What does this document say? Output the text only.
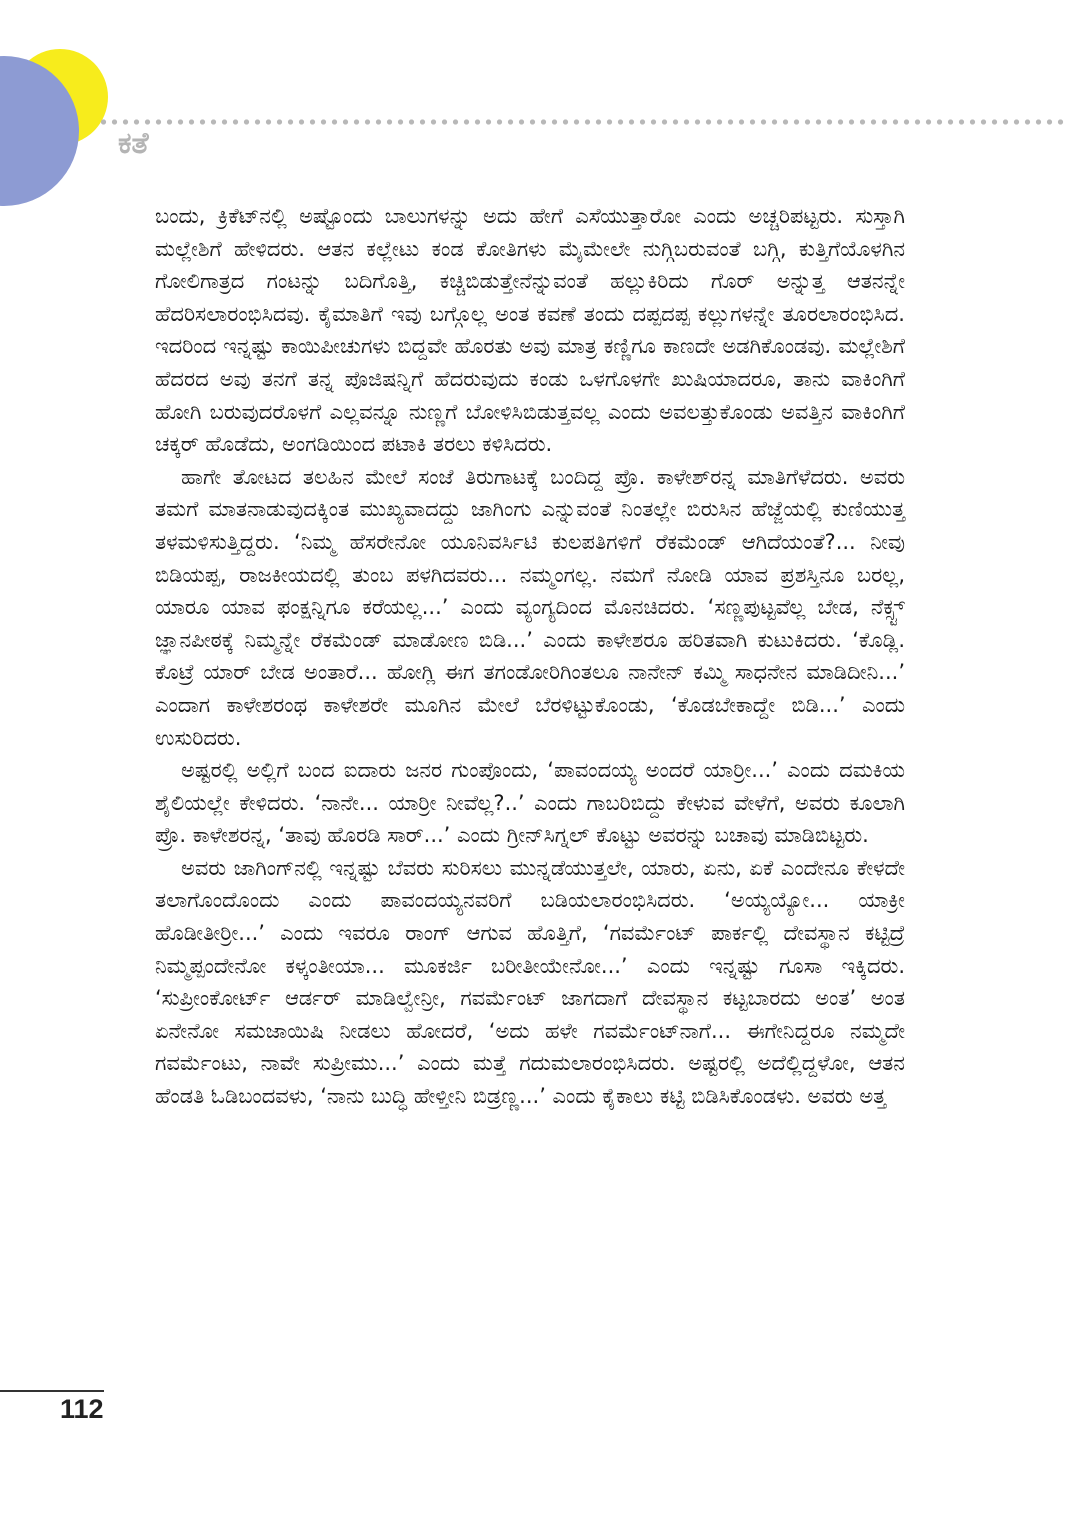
ಕತೆ

ಬಂದು, ಕ್ರಿಕೆಟ್‌ನಲ್ಲಿ ಅಷ್ಟೊಂದು ಬಾಲುಗಳನ್ನು ಅದು ಹೇಗೆ ಎಸೆಯುತ್ತಾರೋ ಎಂದು ಅಚ್ಚರಿಪಟ್ಟರು. ಸುಸ್ತಾಗಿ ಮಲ್ಲೇಶಿಗೆ ಹೇಳಿದರು. ಆತನ ಕಲ್ಲೇಟು ಕಂಡ ಕೋತಿಗಳು ಮೈಮೇಲೇ ನುಗ್ಗಿಬರುವಂತೆ ಬಗ್ಗಿ, ಕುತ್ತಿಗೆಯೊಳಗಿನ ಗೋಲಿಗಾತ್ರದ ಗಂಟನ್ನು ಬದಿಗೊತ್ತಿ, ಕಚ್ಚಿಬಿಡುತ್ತೇನೆನ್ನುವಂತೆ ಹಲ್ಲುಕಿರಿದು ಗೊರ್ ಅನ್ನುತ್ತ ಆತನನ್ನೇ ಹೆದರಿಸಲಾರಂಭಿಸಿದವು. ಕೈಮಾತಿಗೆ ಇವು ಬಗ್ಗೊಲ್ಲ ಅಂತ ಕವಣೆ ತಂದು ದಪ್ಪದಪ್ಪ ಕಲ್ಲುಗಳನ್ನೇ ತೂರಲಾರಂಭಿಸಿದ. ಇದರಿಂದ ಇನ್ನಷ್ಟು ಕಾಯಿಪೀಚುಗಳು ಬಿದ್ದವೇ ಹೊರತು ಅವು ಮಾತ್ರ ಕಣ್ಣಿಗೂ ಕಾಣದೇ ಅಡಗಿಕೊಂಡವು. ಮಲ್ಲೇಶಿಗೆ ಹೆದರದ ಅವು ತನಗೆ ತನ್ನ ಪೊಜಿಷನ್ನಿಗೆ ಹೆದರುವುದು ಕಂಡು ಒಳಗೊಳಗೇ ಖುಷಿಯಾದರೂ, ತಾನು ವಾಕಿಂಗಿಗೆ ಹೋಗಿ ಬರುವುದರೊಳಗೆ ಎಲ್ಲವನ್ನೂ ನುಣ್ಣಗೆ ಬೋಳಿಸಿಬಿಡುತ್ತವಲ್ಲ ಎಂದು ಅವಲತ್ತುಕೊಂಡು ಅವತ್ತಿನ ವಾಕಿಂಗಿಗೆ ಚಕ್ಕರ್ ಹೊಡೆದು, ಅಂಗಡಿಯಿಂದ ಪಟಾಕಿ ತರಲು ಕಳಿಸಿದರು.

ಹಾಗೇ ತೋಟದ ತಲಹಿನ ಮೇಲೆ ಸಂಜೆ ತಿರುಗಾಟಕ್ಕೆ ಬಂದಿದ್ದ ಪ್ರೊ. ಕಾಳೇಶ್‌ರನ್ನ ಮಾತಿಗೆಳೆದರು. ಅವರು ತಮಗೆ ಮಾತನಾಡುವುದಕ್ಕಿಂತ ಮುಖ್ಯವಾದದ್ದು ಜಾಗಿಂಗು ಎನ್ನುವಂತೆ ನಿಂತಲ್ಲೇ ಬಿರುಸಿನ ಹೆಜ್ಜೆಯಲ್ಲಿ ಕುಣಿಯುತ್ತ ತಳಮಳಿಸುತ್ತಿದ್ದರು. ‘ನಿಮ್ಮ ಹೆಸರೇನೋ ಯೂನಿವರ್ಸಿಟಿ ಕುಲಪತಿಗಳಿಗೆ ರೆಕಮೆಂಡ್ ಆಗಿದೆಯಂತೆ?... ನೀವು ಬಿಡಿಯಪ್ಪ, ರಾಜಕೀಯದಲ್ಲಿ ತುಂಬ ಪಳಗಿದವರು... ನಮ್ಮಂಗಲ್ಲ. ನಮಗೆ ನೋಡಿ ಯಾವ ಪ್ರಶಸ್ತಿನೂ ಬರಲ್ಲ, ಯಾರೂ ಯಾವ ಫಂಕ್ಷನ್ನಿಗೂ ಕರೆಯಲ್ಲ...’ ಎಂದು ವ್ಯಂಗ್ಯದಿಂದ ಮೊನಚಿದರು. ‘ಸಣ್ಣಪುಟ್ಟವೆಲ್ಲ ಬೇಡ, ನೆಕ್ಸ್ಟ್ ಜ್ಞಾನಪೀಠಕ್ಕೆ ನಿಮ್ಮನ್ನೇ ರೆಕಮೆಂಡ್ ಮಾಡೋಣ ಬಿಡಿ...’ ಎಂದು ಕಾಳೇಶರೂ ಹರಿತವಾಗಿ ಕುಟುಕಿದರು. ‘ಕೊಡ್ಲಿ. ಕೊಟ್ರೆ ಯಾರ್ ಬೇಡ ಅಂತಾರೆ... ಹೋಗ್ಲಿ ಈಗ ತಗಂಡೋರಿಗಿಂತಲೂ ನಾನೇನ್ ಕಮ್ಮಿ ಸಾಧನೇನ ಮಾಡಿದೀನಿ...’ ಎಂದಾಗ ಕಾಳೇಶರಂಥ ಕಾಳೇಶರೇ ಮೂಗಿನ ಮೇಲೆ ಬೆರಳಿಟ್ಟುಕೊಂಡು, ‘ಕೊಡಬೇಕಾದ್ದೇ ಬಿಡಿ...’ ಎಂದು ಉಸುರಿದರು.

ಅಷ್ಟರಲ್ಲಿ ಅಲ್ಲಿಗೆ ಬಂದ ಐದಾರು ಜನರ ಗುಂಪೊಂದು, ‘ಪಾವಂದಯ್ಯ ಅಂದರೆ ಯಾರ್‍ರೀ...’ ಎಂದು ದಮಕಿಯ ಶೈಲಿಯಲ್ಲೇ ಕೇಳಿದರು. ‘ನಾನೇ... ಯಾರ್‍ರೀ ನೀವೆಲ್ಲ?..’ ಎಂದು ಗಾಬರಿಬಿದ್ದು ಕೇಳುವ ವೇಳೆಗೆ, ಅವರು ಕೂಲಾಗಿ ಪ್ರೊ. ಕಾಳೇಶರನ್ನ, ‘ತಾವು ಹೊರಡಿ ಸಾರ್...’ ಎಂದು ಗ್ರೀನ್‌ಸಿಗ್ನಲ್ ಕೊಟ್ಟು ಅವರನ್ನು ಬಚಾವು ಮಾಡಿಬಿಟ್ಟರು.

ಅವರು ಜಾಗಿಂಗ್‌ನಲ್ಲಿ ಇನ್ನಷ್ಟು ಬೆವರು ಸುರಿಸಲು ಮುನ್ನಡೆಯುತ್ತಲೇ, ಯಾರು, ಏನು, ಏಕೆ ಎಂದೇನೂ ಕೇಳದೇ ತಲಾಗೊಂದೊಂದು ಎಂದು ಪಾವಂದಯ್ಯನವರಿಗೆ ಬಡಿಯಲಾರಂಭಿಸಿದರು. ‘ಅಯ್ಯಯ್ಯೋ... ಯಾಕ್ರೀ ಹೊಡೀತೀರ್‍ರೀ...’ ಎಂದು ಇವರೂ ರಾಂಗ್ ಆಗುವ ಹೊತ್ತಿಗೆ, ‘ಗವರ್ಮೆಂಟ್ ಪಾರ್ಕಲ್ಲಿ ದೇವಸ್ಥಾನ ಕಟ್ಟಿದ್ರೆ ನಿಮ್ಮಪ್ಪಂದೇನೋ ಕಳ್ಕಂತೀಯಾ... ಮೂಕರ್ಜಿ ಬರೀತೀಯೇನೋ...’ ಎಂದು ಇನ್ನಷ್ಟು ಗೂಸಾ ಇಕ್ಕಿದರು. ‘ಸುಪ್ರೀಂಕೋರ್ಟ್ ಆರ್ಡರ್ ಮಾಡಿಲ್ವೇನ್ರೀ, ಗವರ್ಮೆಂಟ್ ಜಾಗದಾಗೆ ದೇವಸ್ಥಾನ ಕಟ್ಟಬಾರದು ಅಂತ’ ಅಂತ ಏನೇನೋ ಸಮಜಾಯಿಷಿ ನೀಡಲು ಹೋದರೆ, ‘ಅದು ಹಳೇ ಗವರ್ಮೆಂಟ್‌ನಾಗೆ... ಈಗೇನಿದ್ದರೂ ನಮ್ಮದೇ ಗವರ್ಮೆಂಟು, ನಾವೇ ಸುಪ್ರೀಮು...’ ಎಂದು ಮತ್ತೆ ಗದುಮಲಾರಂಭಿಸಿದರು. ಅಷ್ಟರಲ್ಲಿ ಅದೆಲ್ಲಿದ್ದಳೋ, ಆತನ ಹೆಂಡತಿ ಓಡಿಬಂದವಳು, ‘ನಾನು ಬುದ್ಧಿ ಹೇಳ್ತೀನಿ ಬಿಡ್ರಣ್ಣ...’ ಎಂದು ಕೈಕಾಲು ಕಟ್ಟಿ ಬಿಡಿಸಿಕೊಂಡಳು. ಅವರು ಅತ್ತ

112
